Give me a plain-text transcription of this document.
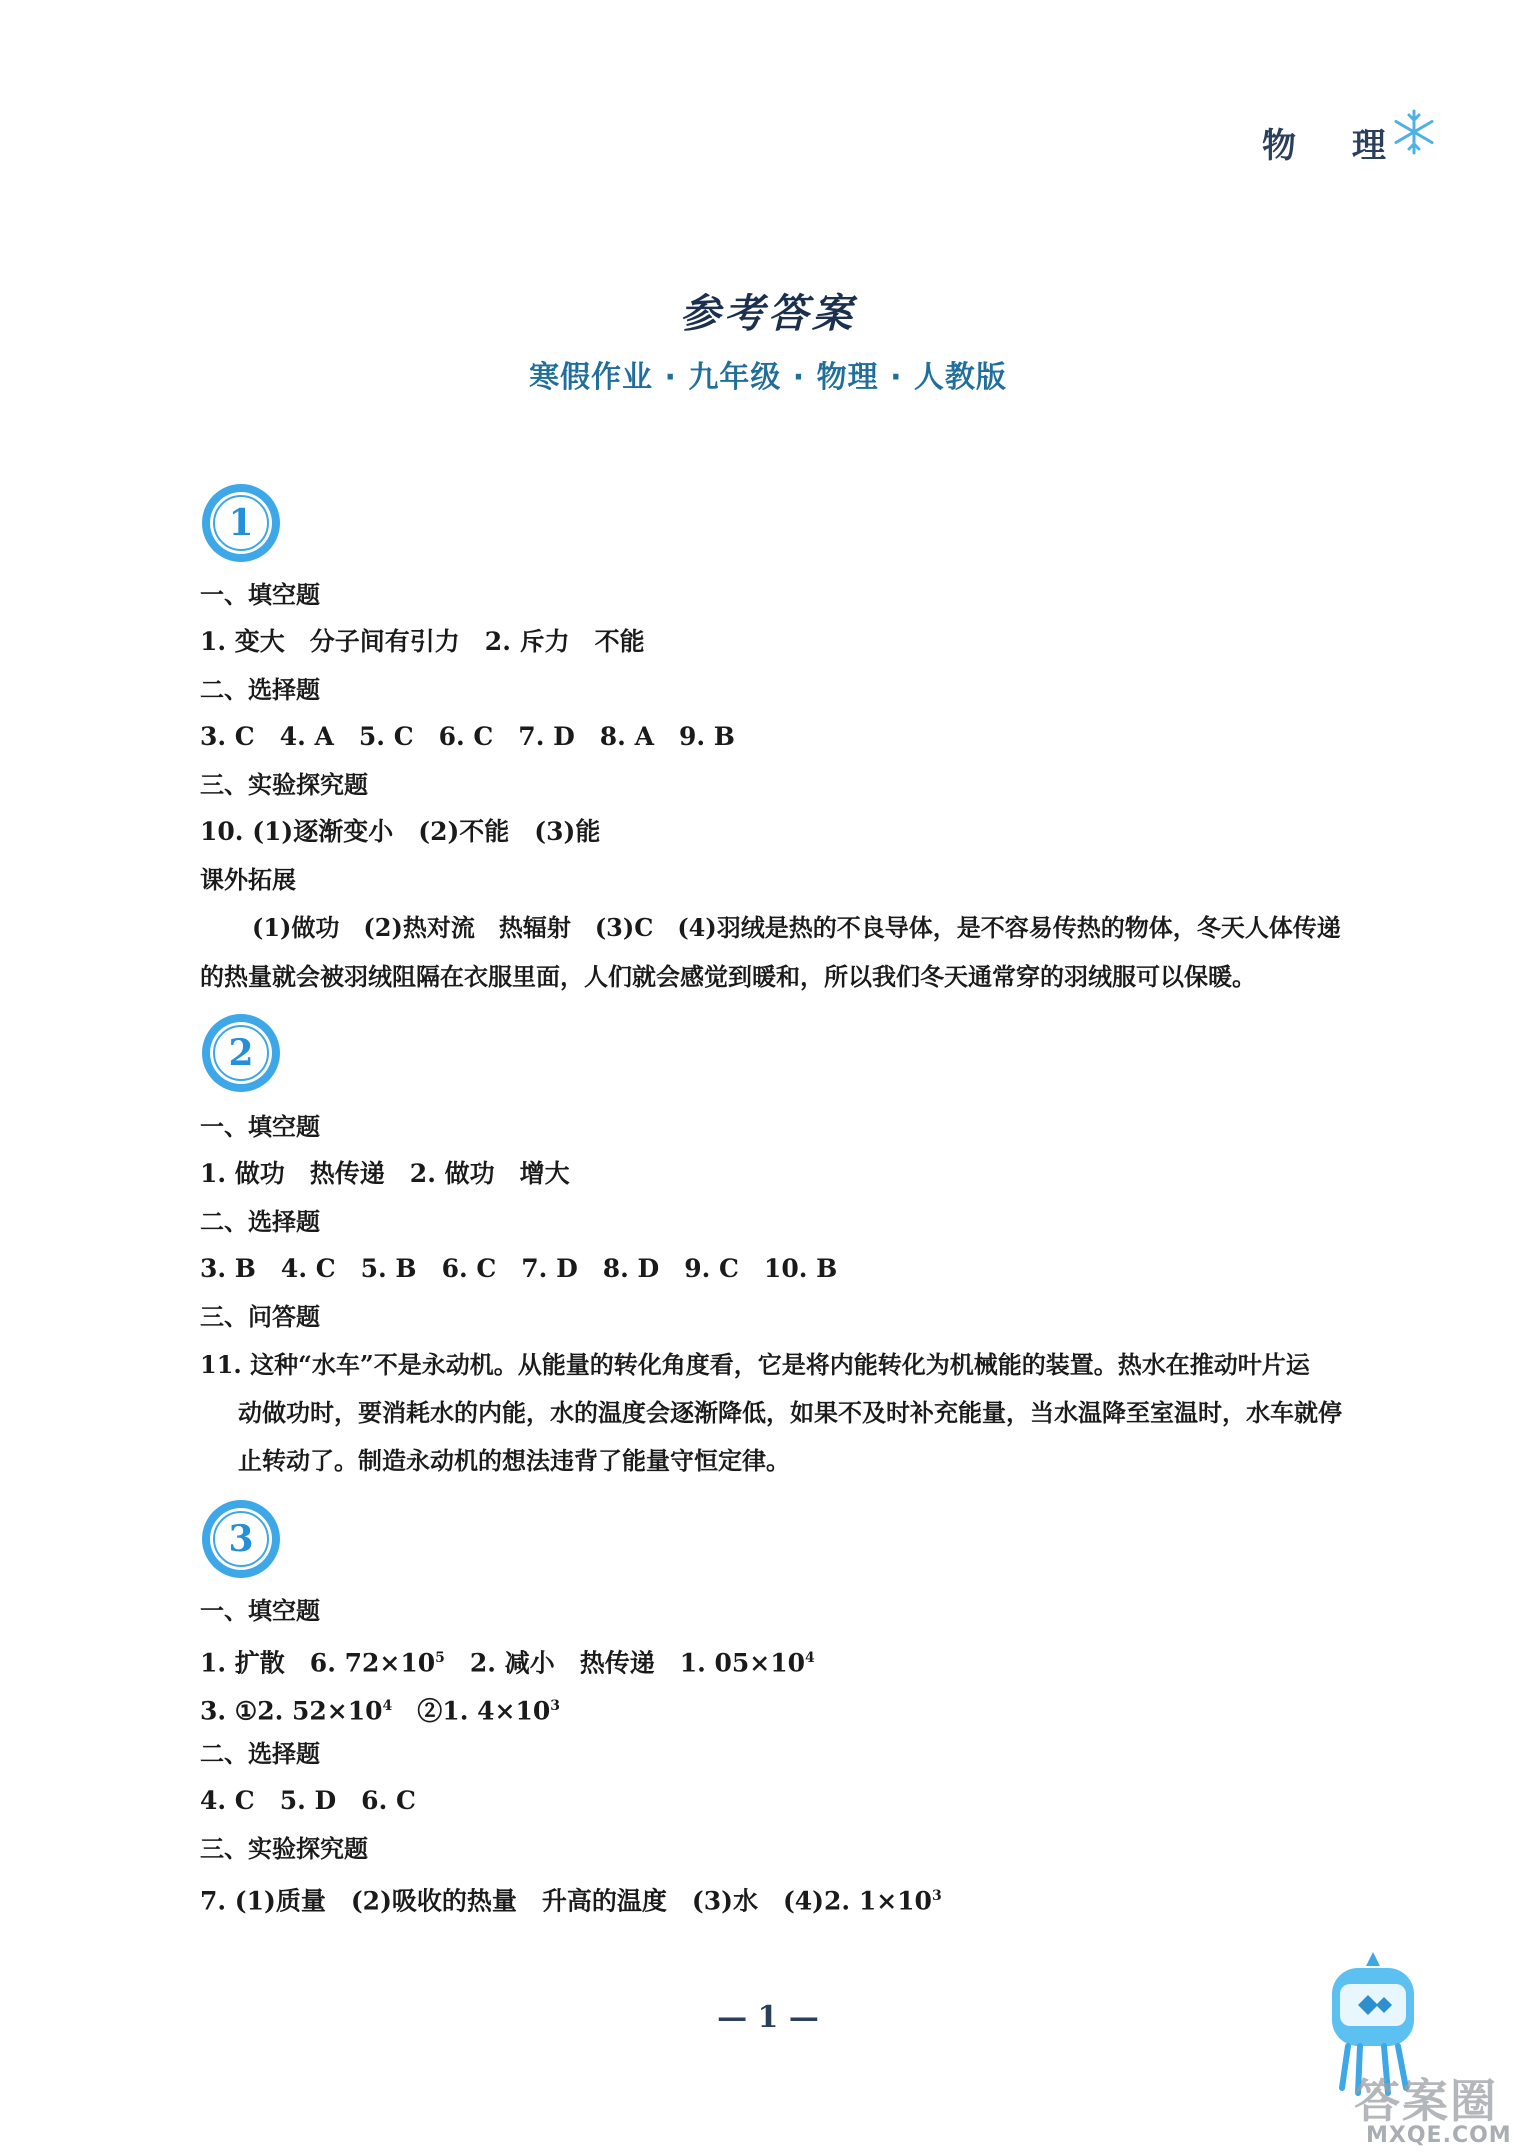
物 理
参考答案
寒假作业 · 九年级 · 物理 · 人教版
1
一、填空题
1. 变大　分子间有引力　2. 斥力　不能
二、选择题
3. C　4. A　5. C　6. C　7. D　8. A　9. B
三、实验探究题
10. (1)逐渐变小　(2)不能　(3)能
课外拓展
(1)做功　(2)热对流　热辐射　(3)C　(4)羽绒是热的不良导体，是不容易传热的物体，冬天人体传递
的热量就会被羽绒阻隔在衣服里面，人们就会感觉到暖和，所以我们冬天通常穿的羽绒服可以保暖。
2
一、填空题
1. 做功　热传递　2. 做功　增大
二、选择题
3. B　4. C　5. B　6. C　7. D　8. D　9. C　10. B
三、问答题
11. 这种“水车”不是永动机。从能量的转化角度看，它是将内能转化为机械能的装置。热水在推动叶片运
动做功时，要消耗水的内能，水的温度会逐渐降低，如果不及时补充能量，当水温降至室温时，水车就停
止转动了。制造永动机的想法违背了能量守恒定律。
3
一、填空题
1. 扩散　6. $72\times 10^5$　2. 减小　热传递　1. $05\times 10^4$
3. ①2. $52\times 10^4$　②1. $4\times 10^3$
二、选择题
4. C　5. D　6. C
三、实验探究题
7. (1)质量　(2)吸收的热量　升高的温度　(3)水　(4)2. $1\times 10^3$
— 1 —
答案圈
MXQE.COM
